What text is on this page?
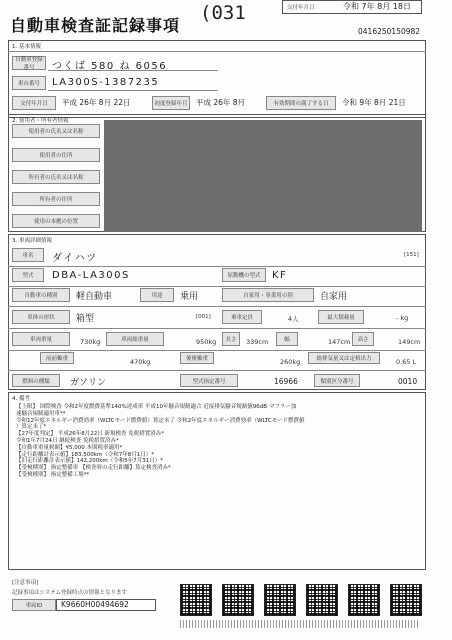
自動車検査証記録事項
(031	交付年月日	令和 7年 8月 18日
0416250150982
1. 基本情報
自動車登録番号	つくば 580 ね 6056
車台番号	LA300S-1387235
交付年月日	平成 26年 8月 22日	初度登録年月	平成 26年 8月	有効期間の満了する日	令和 9年 8月 21日
2. 使用者・所有者情報
使用者の氏名又は名称
使用者の住所
所有者の氏名又は名称
所有者の住所
使用の本拠の位置
3. 車両詳細情報
車名	ダイハツ	[151]
型式	DBA-LA300S	原動機の型式	KF
自動車の種別	軽自動車	用途	乗用	自家用・事業用の別	自家用
車体の形状	箱型	[001]	乗車定員	4人	最大積載量	- kg
車両重量	730kg	車両総重量	950kg	長さ	339cm	幅	147cm	高さ	149cm
前前軸重	470kg	後後軸重	260kg	総排気量又は定格出力	0.65 L
燃料の種類	ガソリン	型式指定番号	16966	類別区分番号	0010
4. 備考
【上限】 国際検査 令和2年度燃費基準140%達成車 平成10年騒音規制適合 近接排気騒音規制値96dB マフラー加
速騒音規制適用車**
令和12年度エネルギー消費効率（WLTCモード燃費値）算定未了 令和2年度エネルギー消費効率（WLTCモード燃費値
）算定未了*
【27年度判定】 平成26年8月22日 新規検査 免税措置済み*
令和1年7月24日 継続検査 免税措置済み*
【自動車重量税額】¥5,000 本則税率適用*
【走行距離計表示値】183,500km（令和7年8月1日）*
【旧走行距離計表示値】142,200km（令和5年7月31日）*
【受検種別】 指定整備車 【検査時の走行距離】算定検査済み*
【受検種別】 指定整備工場**
[注意事項]
記録事項はシステム登録時点の情報となります
車両ID	K9660H00494692
